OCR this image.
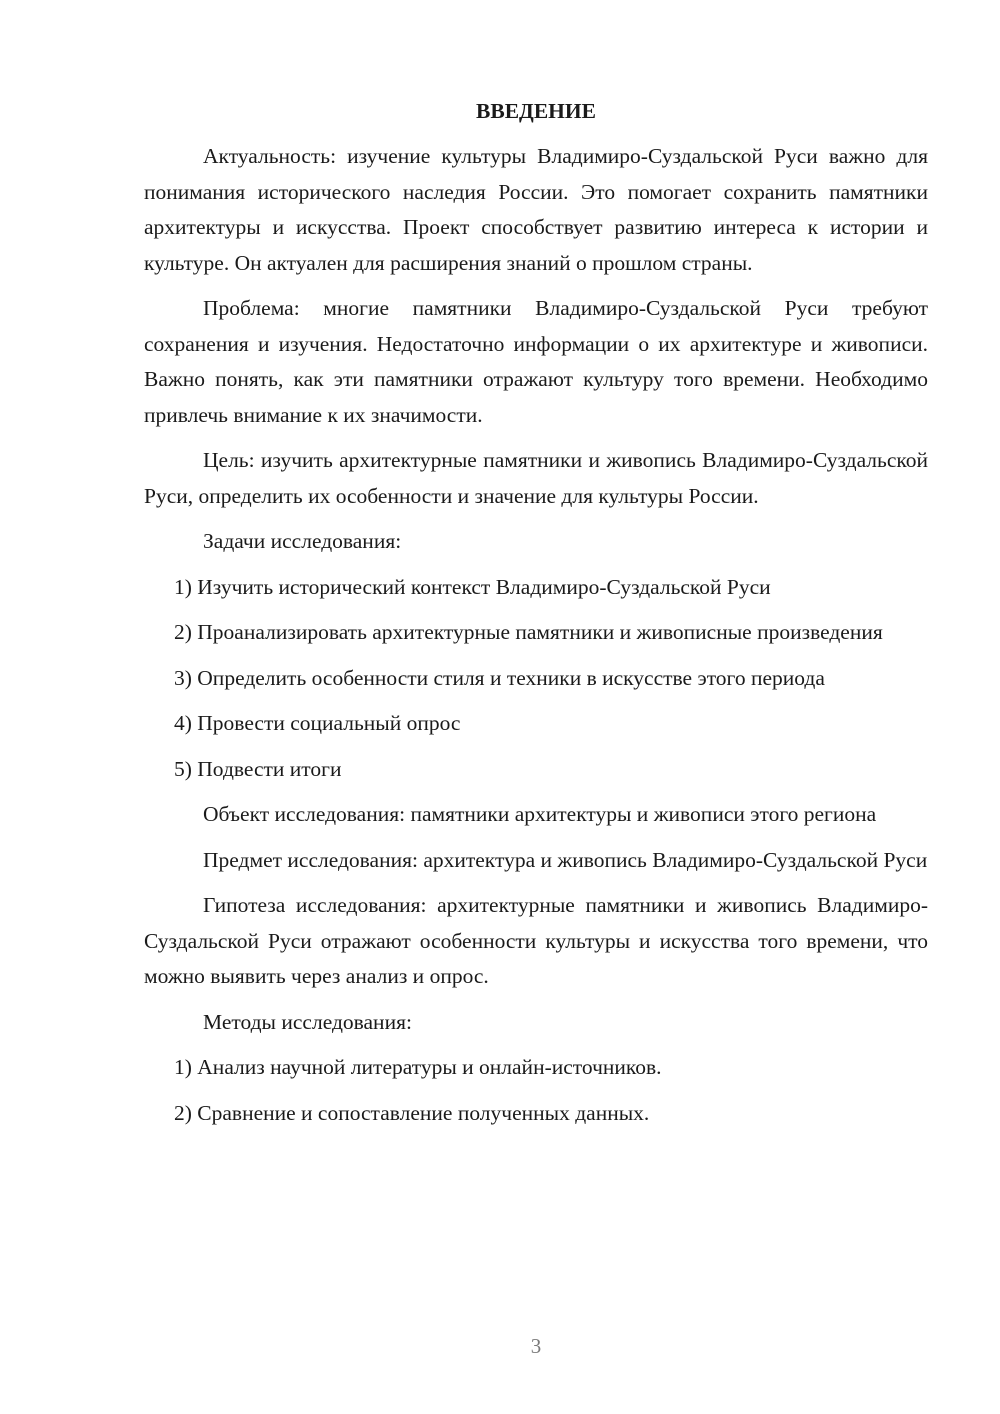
ВВЕДЕНИЕ

Актуальность: изучение культуры Владимиро-Суздальской Руси важно для понимания исторического наследия России. Это помогает сохранить памятники архитектуры и искусства. Проект способствует развитию интереса к истории и культуре. Он актуален для расширения знаний о прошлом страны.

Проблема: многие памятники Владимиро-Суздальской Руси требуют сохранения и изучения. Недостаточно информации о их архитектуре и живописи. Важно понять, как эти памятники отражают культуру того времени. Необходимо привлечь внимание к их значимости.

Цель: изучить архитектурные памятники и живопись Владимиро-Суздальской Руси, определить их особенности и значение для культуры России.

Задачи исследования:

1) Изучить исторический контекст Владимиро-Суздальской Руси

2) Проанализировать архитектурные памятники и живописные произведения

3) Определить особенности стиля и техники в искусстве этого периода

4) Провести социальный опрос

5) Подвести итоги

Объект исследования: памятники архитектуры и живописи этого региона

Предмет исследования: архитектура и живопись Владимиро-Суздальской Руси

Гипотеза исследования: архитектурные памятники и живопись Владимиро-Суздальской Руси отражают особенности культуры и искусства того времени, что можно выявить через анализ и опрос.

Методы исследования:

1) Анализ научной литературы и онлайн-источников.

2) Сравнение и сопоставление полученных данных.

3
